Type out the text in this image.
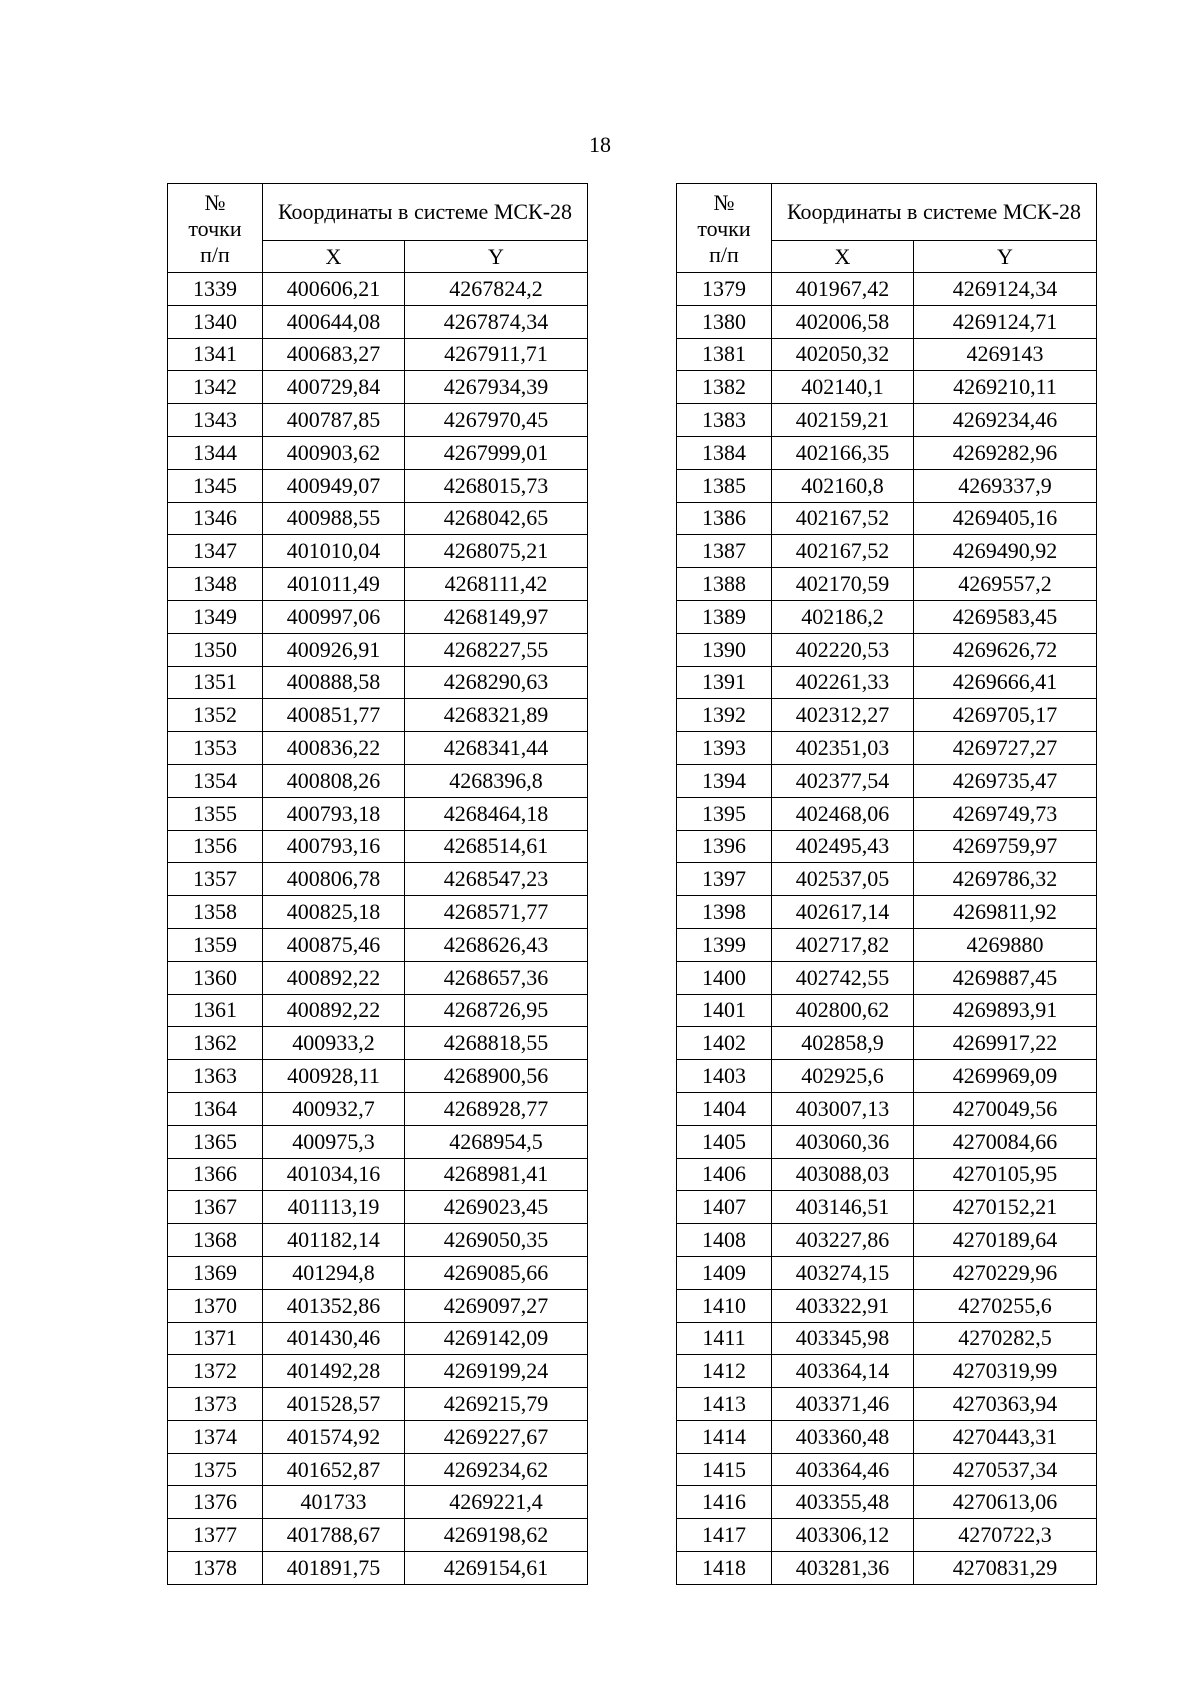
18
№
точки
п/п	Координаты в системе МСК-28	
	X	Y
1339	400606,21	4267824,2
1340	400644,08	4267874,34
1341	400683,27	4267911,71
1342	400729,84	4267934,39
1343	400787,85	4267970,45
1344	400903,62	4267999,01
1345	400949,07	4268015,73
1346	400988,55	4268042,65
1347	401010,04	4268075,21
1348	401011,49	4268111,42
1349	400997,06	4268149,97
1350	400926,91	4268227,55
1351	400888,58	4268290,63
1352	400851,77	4268321,89
1353	400836,22	4268341,44
1354	400808,26	4268396,8
1355	400793,18	4268464,18
1356	400793,16	4268514,61
1357	400806,78	4268547,23
1358	400825,18	4268571,77
1359	400875,46	4268626,43
1360	400892,22	4268657,36
1361	400892,22	4268726,95
1362	400933,2	4268818,55
1363	400928,11	4268900,56
1364	400932,7	4268928,77
1365	400975,3	4268954,5
1366	401034,16	4268981,41
1367	401113,19	4269023,45
1368	401182,14	4269050,35
1369	401294,8	4269085,66
1370	401352,86	4269097,27
1371	401430,46	4269142,09
1372	401492,28	4269199,24
1373	401528,57	4269215,79
1374	401574,92	4269227,67
1375	401652,87	4269234,62
1376	401733	4269221,4
1377	401788,67	4269198,62
1378	401891,75	4269154,61
№
точки
п/п	Координаты в системе МСК-28	
	X	Y
1379	401967,42	4269124,34
1380	402006,58	4269124,71
1381	402050,32	4269143
1382	402140,1	4269210,11
1383	402159,21	4269234,46
1384	402166,35	4269282,96
1385	402160,8	4269337,9
1386	402167,52	4269405,16
1387	402167,52	4269490,92
1388	402170,59	4269557,2
1389	402186,2	4269583,45
1390	402220,53	4269626,72
1391	402261,33	4269666,41
1392	402312,27	4269705,17
1393	402351,03	4269727,27
1394	402377,54	4269735,47
1395	402468,06	4269749,73
1396	402495,43	4269759,97
1397	402537,05	4269786,32
1398	402617,14	4269811,92
1399	402717,82	4269880
1400	402742,55	4269887,45
1401	402800,62	4269893,91
1402	402858,9	4269917,22
1403	402925,6	4269969,09
1404	403007,13	4270049,56
1405	403060,36	4270084,66
1406	403088,03	4270105,95
1407	403146,51	4270152,21
1408	403227,86	4270189,64
1409	403274,15	4270229,96
1410	403322,91	4270255,6
1411	403345,98	4270282,5
1412	403364,14	4270319,99
1413	403371,46	4270363,94
1414	403360,48	4270443,31
1415	403364,46	4270537,34
1416	403355,48	4270613,06
1417	403306,12	4270722,3
1418	403281,36	4270831,29
